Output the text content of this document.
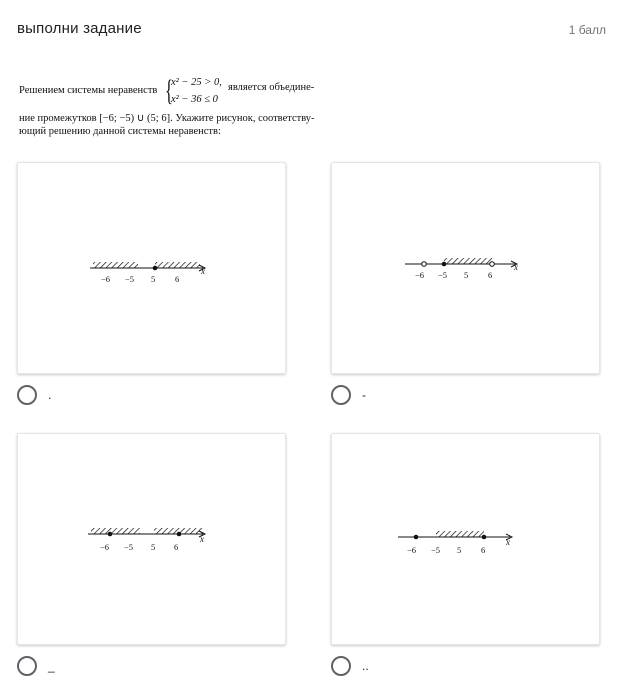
выполни задание	1 балл
Решением системы неравенств {
x² − 25 > 0,
x² − 36 ≤ 0
является объедине-
ние промежутков [−6; −5) ∪ (5; 6]. Укажите рисунок, соответству-
ющий решению данной системы неравенств:
x
−6 −5 5 6
.
x
−6 −5 5 6
-
x
−6 −5 5 6
_
x
−6 −5 5 6
..
